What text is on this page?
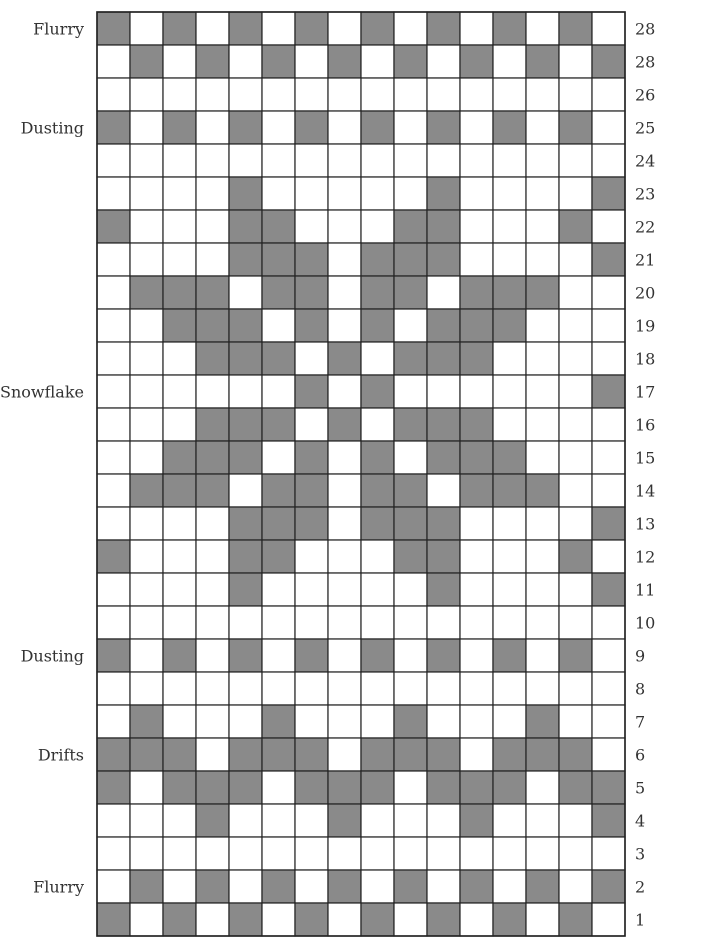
Flurry
Dusting
Snowflake
Dusting
Drifts
Flurry
28
28
26
25
24
23
22
21
20
19
18
17
16
15
14
13
12
11
10
9
8
7
6
5
4
3
2
1
